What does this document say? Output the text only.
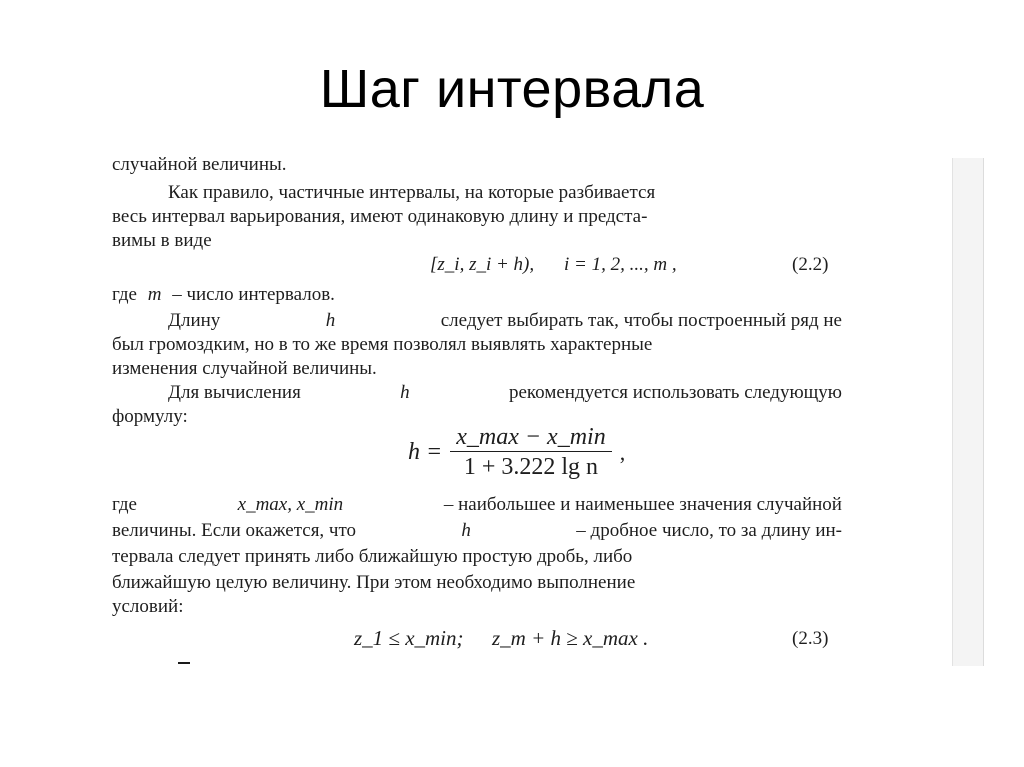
Шаг интервала
случайной величины.
Как правило, частичные интервалы, на которые разбивается
весь интервал варьирования, имеют одинаковую длину и предста-
вимы в виде
[z_i, z_i + h), i = 1, 2, ..., m ,	(2.2)
где m – число интервалов.
Длину	h	следует выбирать так, чтобы построенный ряд не
был громоздким, но в то же время позволял выявлять характерные
изменения случайной величины.
Для вычисления	h	рекомендуется использовать следующую
формулу:
$h = \frac{x\_\max - x\_\min}{\text{1 + 3.222 lg n}}$ ,
где	x_max, x_min	– наибольшее и наименьшее значения случайной
величины. Если окажется, что	h	– дробное число, то за длину ин-
тервала следует принять либо ближайшую простую дробь, либо
ближайшую целую величину. При этом необходимо выполнение
условий:
z_1 ≤ x_min; z_m + h ≥ x_max .	(2.3)
